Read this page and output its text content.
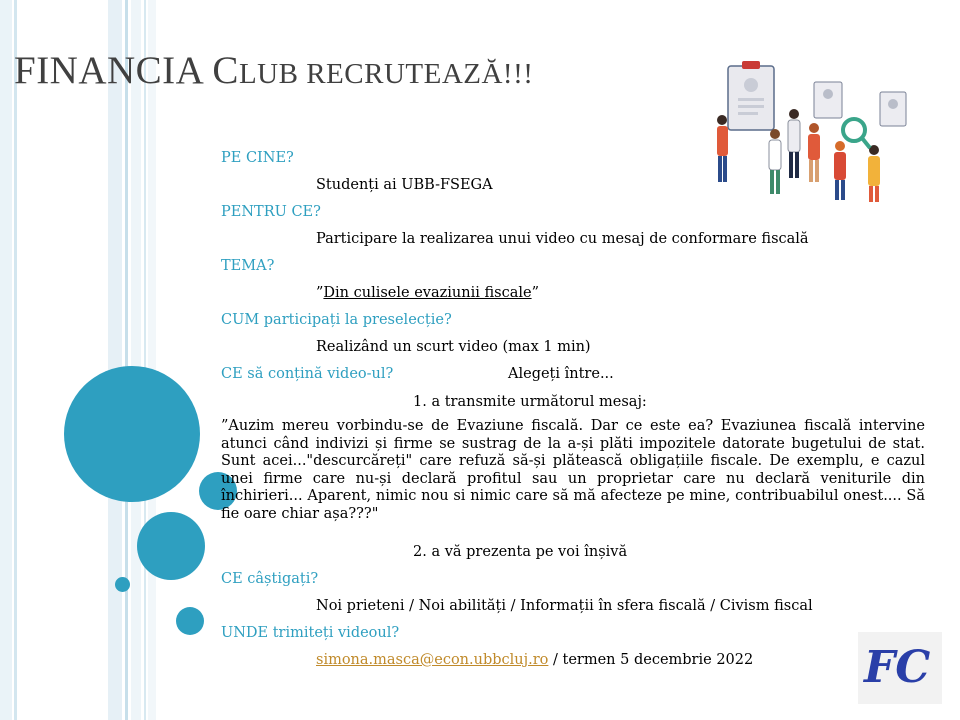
FINANCIA CLUB RECRUTEAZĂ!!!
PE CINE?
Studenți ai UBB-FSEGA
PENTRU CE?
Participare la realizarea unui video cu mesaj de conformare fiscală
TEMA?
”Din culisele evaziunii fiscale”
CUM participați la preselecție?
Realizând un scurt video (max 1 min)
CE să conțină video-ul?	Alegeți între...
1. a transmite următorul mesaj:
”Auzim mereu vorbindu-se de Evaziune fiscală. Dar ce este ea? Evaziunea fiscală intervine atunci când indivizi și firme se sustrag de la a-și plăti impozitele datorate bugetului de stat. Sunt acei..."descurcăreți" care refuză să-și plătească obligațiile fiscale. De exemplu, e cazul unei firme care nu-și declară profitul sau un proprietar care nu declară veniturile din închirieri... Aparent, nimic nou si nimic care să mă afecteze pe mine, contribuabilul onest.... Să fie oare chiar așa???"
2. a vă prezenta pe voi înșivă
CE câștigați?
Noi prieteni / Noi abilități / Informații în sfera fiscală / Civism fiscal
UNDE trimiteți videoul?
simona.masca@econ.ubbcluj.ro / termen 5 decembrie 2022	FC
